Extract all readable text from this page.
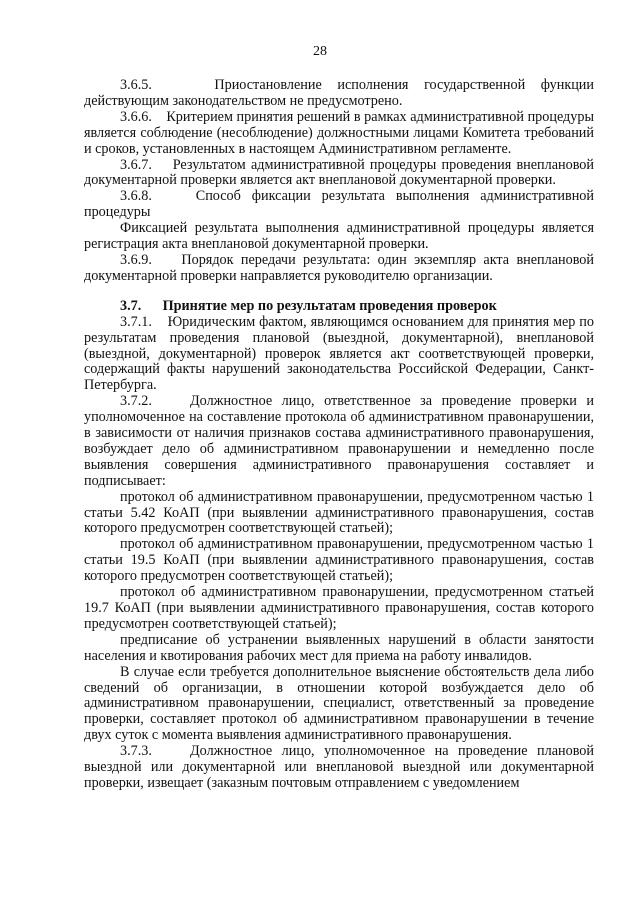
28

3.6.5.    Приостановление исполнения государственной функции действующим законодательством не предусмотрено.

3.6.6.    Критерием принятия решений в рамках административной процедуры является соблюдение (несоблюдение) должностными лицами Комитета требований и сроков, установленных в настоящем Административном регламенте.

3.6.7.    Результатом административной процедуры проведения внеплановой документарной проверки является акт внеплановой документарной проверки.

3.6.8.    Способ фиксации результата выполнения административной процедуры

Фиксацией результата выполнения административной процедуры является регистрация акта внеплановой документарной проверки.

3.6.9.    Порядок передачи результата: один экземпляр акта внеплановой документарной проверки направляется руководителю организации.

3.7.      Принятие мер по результатам проведения проверок

3.7.1.    Юридическим фактом, являющимся основанием для принятия мер по результатам проведения плановой (выездной, документарной), внеплановой (выездной, документарной) проверок является акт соответствующей проверки, содержащий факты нарушений законодательства Российской Федерации, Санкт-Петербурга.

3.7.2.    Должностное лицо, ответственное за проведение проверки и уполномоченное на составление протокола об административном правонарушении, в зависимости от наличия признаков состава административного правонарушения, возбуждает дело об административном правонарушении и немедленно после выявления совершения административного правонарушения составляет и подписывает:

протокол об административном правонарушении, предусмотренном частью 1 статьи 5.42 КоАП (при выявлении административного правонарушения, состав которого предусмотрен соответствующей статьей);

протокол об административном правонарушении, предусмотренном частью 1 статьи 19.5 КоАП (при выявлении административного правонарушения, состав которого предусмотрен соответствующей статьей);

протокол об административном правонарушении, предусмотренном статьей 19.7 КоАП (при выявлении административного правонарушения, состав которого предусмотрен соответствующей статьей);

предписание об устранении выявленных нарушений в области занятости населения и квотирования рабочих мест для приема на работу инвалидов.

В случае если требуется дополнительное выяснение обстоятельств дела либо сведений об организации, в отношении которой возбуждается дело об административном правонарушении, специалист, ответственный за проведение проверки, составляет протокол об административном правонарушении в течение двух суток с момента выявления административного правонарушения.

3.7.3.    Должностное лицо, уполномоченное на проведение плановой выездной или документарной или внеплановой выездной или документарной проверки, извещает (заказным почтовым отправлением с уведомлением
